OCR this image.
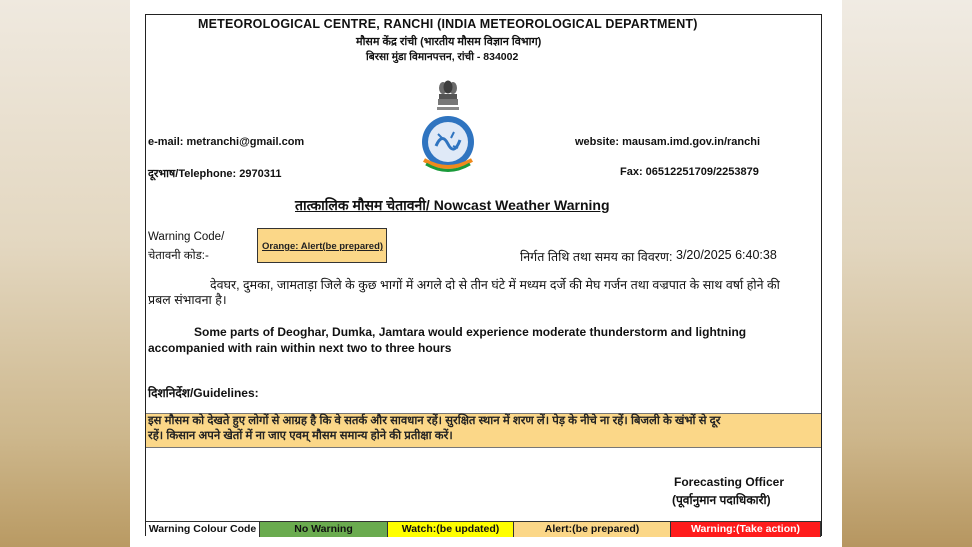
METEOROLOGICAL CENTRE, RANCHI (INDIA METEOROLOGICAL DEPARTMENT)
मौसम केंद्र रांची (भारतीय मौसम विज्ञान विभाग)
बिरसा मुंडा विमानपत्तन, रांची - 834002
e-mail: metranchi@gmail.com	website: mausam.imd.gov.in/ranchi
दूरभाष/Telephone: 2970311	Fax: 06512251709/2253879
तात्कालिक मौसम चेतावनी/ Nowcast Weather Warning
Warning Code/
चेतावनी कोड:-
Orange: Alert(be prepared)
निर्गत तिथि तथा समय का विवरण: 3/20/2025 6:40:38
देवघर, दुमका, जामताड़ा जिले के कुछ भागों में अगले दो से तीन घंटे में मध्यम दर्जे की मेघ गर्जन तथा वज्रपात के साथ वर्षा होने की
प्रबल संभावना है।
Some parts of Deoghar, Dumka, Jamtara would experience moderate thunderstorm and lightning
accompanied with rain within next two to three hours
दिशनिर्देश/Guidelines:
इस मौसम को देखते हुए लोगों से आग्रह है कि वे सतर्क और सावधान रहें। सुरक्षित स्थान में शरण लें। पेड़ के नीचे ना रहें। बिजली के खंभों से दूर
रहें। किसान अपने खेतों में ना जाए एवम् मौसम समान्य होने की प्रतीक्षा करें।
Forecasting Officer
(पूर्वानुमान पदाधिकारी)
Warning Colour Code	No Warning	Watch:(be updated)	Alert:(be prepared)	Warning:(Take action)
